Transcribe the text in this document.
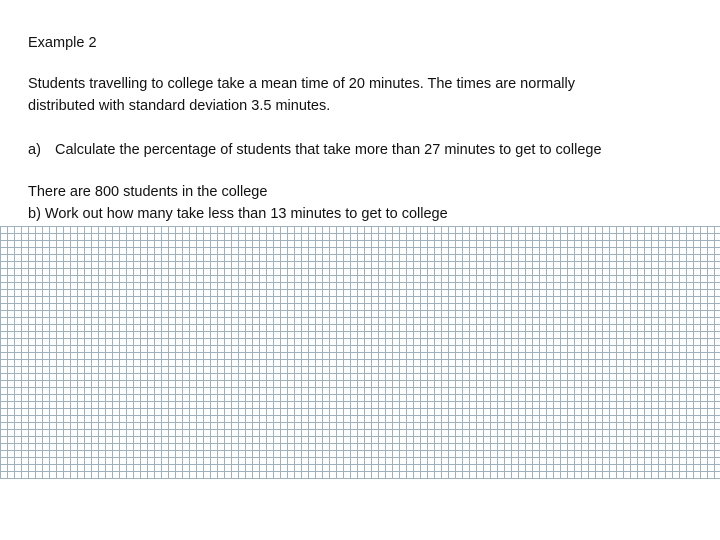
Example 2
Students travelling to college take a mean time of 20 minutes. The times are normally
distributed with standard deviation 3.5 minutes.
a) Calculate the percentage of students that take more than 27 minutes to get to college
There are 800 students in the college
b) Work out how many take less than 13 minutes to get to college
